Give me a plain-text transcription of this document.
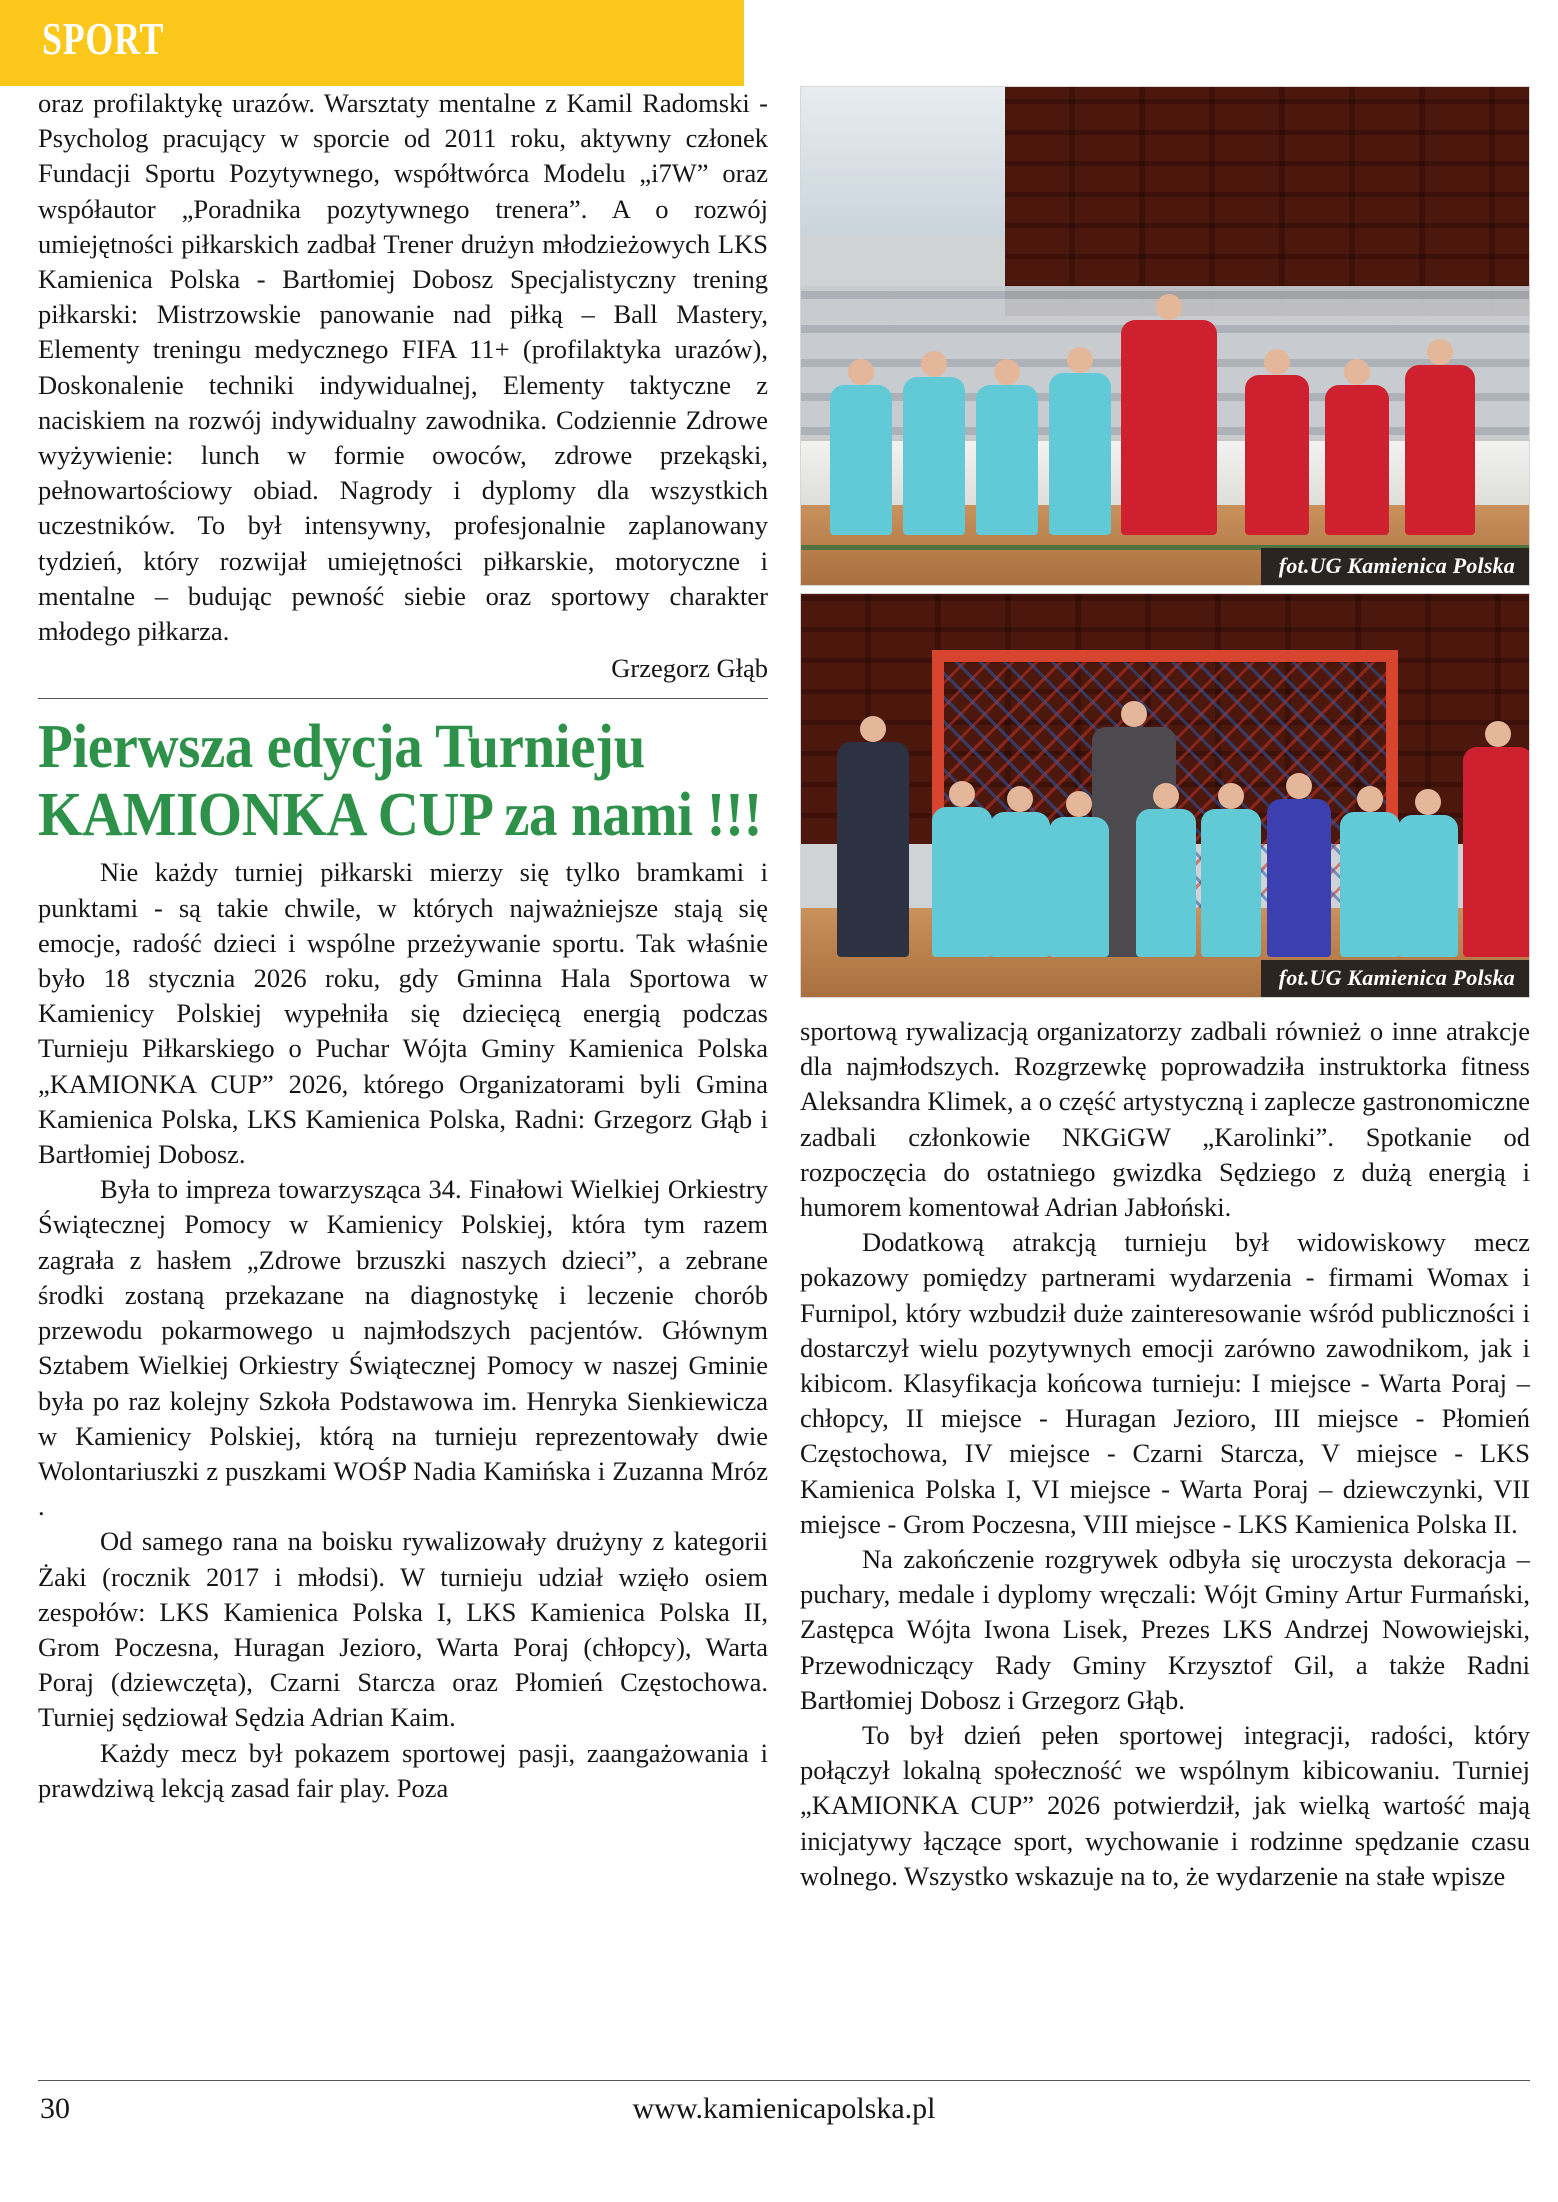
SPORT

oraz profilaktykę urazów. Warsztaty mentalne z Kamil Radomski - Psycholog pracujący w sporcie od 2011 roku, aktywny członek Fundacji Sportu Pozytywnego, współtwórca Modelu „i7W” oraz współautor „Poradnika pozytywnego trenera”. A o rozwój umiejętności piłkarskich zadbał Trener drużyn młodzieżowych LKS Kamienica Polska - Bartłomiej Dobosz Specjalistyczny trening piłkarski: Mistrzowskie panowanie nad piłką – Ball Mastery, Elementy treningu medycznego FIFA 11+ (profilaktyka urazów), Doskonalenie techniki indywidualnej, Elementy taktyczne z naciskiem na rozwój indywidualny zawodnika. Codziennie Zdrowe wyżywienie: lunch w formie owoców, zdrowe przekąski, pełnowartościowy obiad. Nagrody i dyplomy dla wszystkich uczestników. To był intensywny, profesjonalnie zaplanowany tydzień, który rozwijał umiejętności piłkarskie, motoryczne i mentalne – budując pewność siebie oraz sportowy charakter młodego piłkarza.

Grzegorz Głąb

Pierwsza edycja Turnieju
KAMIONKA CUP za nami !!!

Nie każdy turniej piłkarski mierzy się tylko bramkami i punktami - są takie chwile, w których najważniejsze stają się emocje, radość dzieci i wspólne przeżywanie sportu. Tak właśnie było 18 stycznia 2026 roku, gdy Gminna Hala Sportowa w Kamienicy Polskiej wypełniła się dziecięcą energią podczas Turnieju Piłkarskiego o Puchar Wójta Gminy Kamienica Polska „KAMIONKA CUP” 2026, którego Organizatorami byli Gmina Kamienica Polska, LKS Kamienica Polska, Radni: Grzegorz Głąb i Bartłomiej Dobosz.

Była to impreza towarzysząca 34. Finałowi Wielkiej Orkiestry Świątecznej Pomocy w Kamienicy Polskiej, która tym razem zagrała z hasłem „Zdrowe brzuszki naszych dzieci”, a zebrane środki zostaną przekazane na diagnostykę i leczenie chorób przewodu pokarmowego u najmłodszych pacjentów. Głównym Sztabem Wielkiej Orkiestry Świątecznej Pomocy w naszej Gminie była po raz kolejny Szkoła Podstawowa im. Henryka Sienkiewicza w Kamienicy Polskiej, którą na turnieju reprezentowały dwie Wolontariuszki z puszkami WOŚP Nadia Kamińska i Zuzanna Mróz .

Od samego rana na boisku rywalizowały drużyny z kategorii Żaki (rocznik 2017 i młodsi). W turnieju udział wzięło osiem zespołów: LKS Kamienica Polska I, LKS Kamienica Polska II, Grom Poczesna, Huragan Jezioro, Warta Poraj (chłopcy), Warta Poraj (dziewczęta), Czarni Starcza oraz Płomień Częstochowa. Turniej sędziował Sędzia Adrian Kaim.

Każdy mecz był pokazem sportowej pasji, zaangażowania i prawdziwą lekcją zasad fair play. Poza

fot.UG Kamienica Polska
fot.UG Kamienica Polska

sportową rywalizacją organizatorzy zadbali również o inne atrakcje dla najmłodszych. Rozgrzewkę poprowadziła instruktorka fitness Aleksandra Klimek, a o część artystyczną i zaplecze gastronomiczne zadbali członkowie NKGiGW „Karolinki”. Spotkanie od rozpoczęcia do ostatniego gwizdka Sędziego z dużą energią i humorem komentował Adrian Jabłoński.

Dodatkową atrakcją turnieju był widowiskowy mecz pokazowy pomiędzy partnerami wydarzenia - firmami Womax i Furnipol, który wzbudził duże zainteresowanie wśród publiczności i dostarczył wielu pozytywnych emocji zarówno zawodnikom, jak i kibicom. Klasyfikacja końcowa turnieju: I miejsce - Warta Poraj – chłopcy, II miejsce - Huragan Jezioro, III miejsce - Płomień Częstochowa, IV miejsce - Czarni Starcza, V miejsce - LKS Kamienica Polska I, VI miejsce - Warta Poraj – dziewczynki, VII miejsce - Grom Poczesna, VIII miejsce - LKS Kamienica Polska II.

Na zakończenie rozgrywek odbyła się uroczysta dekoracja – puchary, medale i dyplomy wręczali: Wójt Gminy Artur Furmański, Zastępca Wójta Iwona Lisek, Prezes LKS Andrzej Nowowiejski, Przewodniczący Rady Gminy Krzysztof Gil, a także Radni Bartłomiej Dobosz i Grzegorz Głąb.

To był dzień pełen sportowej integracji, radości, który połączył lokalną społeczność we wspólnym kibicowaniu. Turniej „KAMIONKA CUP” 2026 potwierdził, jak wielką wartość mają inicjatywy łączące sport, wychowanie i rodzinne spędzanie czasu wolnego. Wszystko wskazuje na to, że wydarzenie na stałe wpisze

30	www.kamienicapolska.pl
